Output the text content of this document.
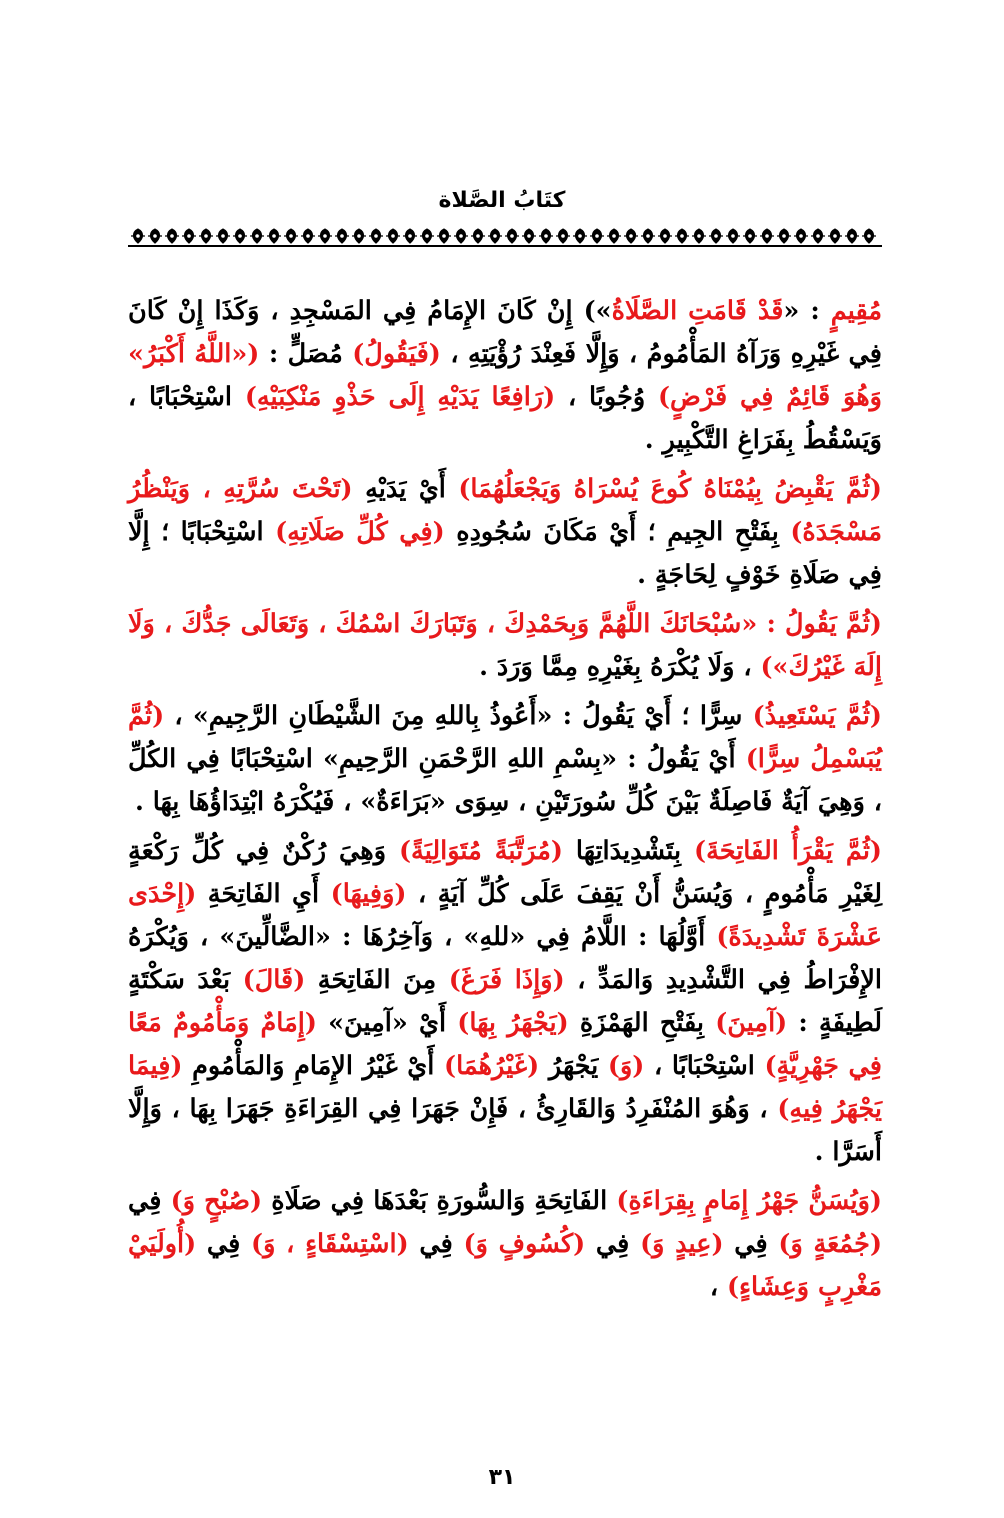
كتَابُ الصَّلاة

مُقِيمٍ : «قَدْ قَامَتِ الصَّلَاةُ») إِنْ كَانَ الإِمَامُ فِي المَسْجِدِ ، وَكَذَا إِنْ كَانَ فِي غَيْرِهِ وَرَآهُ المَأْمُومُ ، وَإِلَّا فَعِنْدَ رُؤْيَتِهِ ، (فَيَقُولُ) مُصَلٍّ : («اللَّهُ أَكْبَرُ» وَهُوَ قَائِمٌ فِي فَرْضٍ) وُجُوبًا ، (رَافِعًا يَدَيْهِ إِلَى حَذْوِ مَنْكِبَيْهِ) اسْتِحْبَابًا ، وَيَسْقُطُ بِفَرَاغِ التَّكْبِيرِ .

(ثُمَّ يَقْبِضُ بِيُمْنَاهُ كُوعَ يُسْرَاهُ وَيَجْعَلُهُمَا) أَيْ يَدَيْهِ (تَحْتَ سُرَّتِهِ ، وَيَنْظُرُ مَسْجَدَهُ) بِفَتْحِ الجِيمِ ؛ أَيْ مَكَانَ سُجُودِهِ (فِي كُلِّ صَلَاتِهِ) اسْتِحْبَابًا ؛ إِلَّا فِي صَلَاةِ خَوْفٍ لِحَاجَةٍ .

(ثُمَّ يَقُولُ : «سُبْحَانَكَ اللَّهُمَّ وَبِحَمْدِكَ ، وَتَبَارَكَ اسْمُكَ ، وَتَعَالَى جَدُّكَ ، وَلَا إِلَهَ غَيْرُكَ») ، وَلَا يُكْرَهُ بِغَيْرِهِ مِمَّا وَرَدَ .

(ثُمَّ يَسْتَعِيذُ) سِرًّا ؛ أَيْ يَقُولُ : «أَعُوذُ بِاللهِ مِنَ الشَّيْطَانِ الرَّجِيمِ» ، (ثُمَّ يُبَسْمِلُ سِرًّا) أَيْ يَقُولُ : «بِسْمِ اللهِ الرَّحْمَنِ الرَّحِيمِ» اسْتِحْبَابًا فِي الكُلِّ ، وَهِيَ آيَةٌ فَاصِلَةٌ بَيْنَ كُلِّ سُورَتَيْنِ ، سِوَى «بَرَاءَةٌ» ، فَيُكْرَهُ ابْتِدَاؤُهَا بِهَا .

(ثُمَّ يَقْرَأُ الفَاتِحَةَ) بِتَشْدِيدَاتِهَا (مُرَتَّبَةً مُتَوَالِيَةً) وَهِيَ رُكْنٌ فِي كُلِّ رَكْعَةٍ لِغَيْرِ مَأْمُومٍ ، وَيُسَنُّ أَنْ يَقِفَ عَلَى كُلِّ آيَةٍ ، (وَفِيهَا) أَيِ الفَاتِحَةِ (إِحْدَى عَشْرَةَ تَشْدِيدَةً) أَوَّلُهَا : اللَّامُ فِي «للهِ» ، وَآخِرُهَا : «الضَّالِّينَ» ، وَيُكْرَهُ الإِفْرَاطُ فِي التَّشْدِيدِ وَالمَدِّ ، (وَإِذَا فَرَغَ) مِنَ الفَاتِحَةِ (قَالَ) بَعْدَ سَكْتَةٍ لَطِيفَةٍ : (آمِينَ) بِفَتْحِ الهَمْزَةِ (يَجْهَرُ بِهَا) أَيْ «آمِينَ» (إِمَامٌ وَمَأْمُومٌ مَعًا فِي جَهْرِيَّةٍ) اسْتِحْبَابًا ، (وَ) يَجْهَرُ (غَيْرُهُمَا) أَيْ غَيْرُ الإِمَامِ وَالمَأْمُومِ (فِيمَا يَجْهَرُ فِيهِ) ، وَهُوَ المُنْفَرِدُ وَالقَارِئُ ، فَإِنْ جَهَرَا فِي القِرَاءَةِ جَهَرَا بِهَا ، وَإِلَّا أَسَرَّا .

(وَيُسَنُّ جَهْرُ إِمَامٍ بِقِرَاءَةِ) الفَاتِحَةِ وَالسُّورَةِ بَعْدَهَا فِي صَلَاةِ (صُبْحٍ وَ) فِي (جُمُعَةٍ وَ) فِي (عِيدٍ وَ) فِي (كُسُوفٍ وَ) فِي (اسْتِسْقَاءٍ ، وَ) فِي (أُولَيَيْ مَغْرِبٍ وَعِشَاءٍ) ،

٣١
